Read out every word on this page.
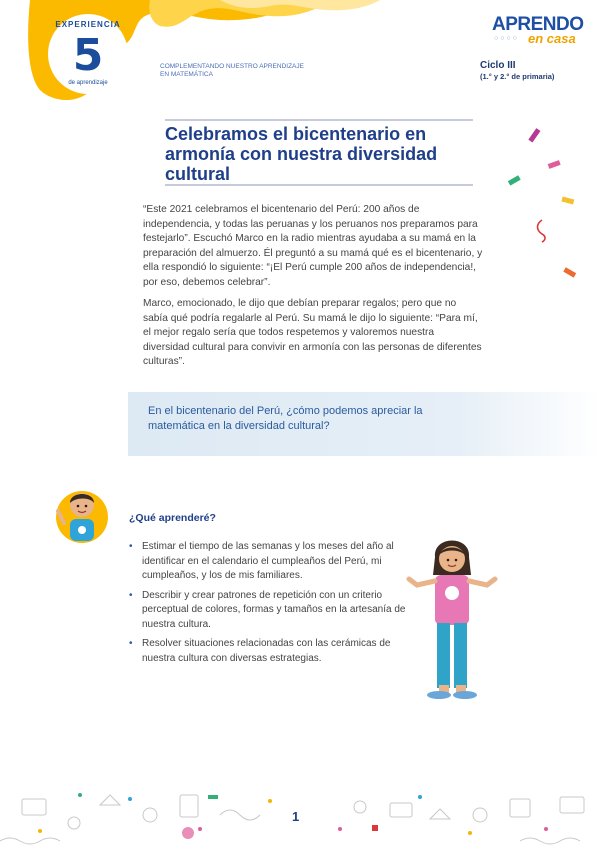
EXPERIENCIA
5
de aprendizaje
COMPLEMENTANDO NUESTRO APRENDIZAJE
EN MATEMÁTICA
APRENDO
○○○○ en casa
Ciclo III
(1.° y 2.° de primaria)
Celebramos el bicentenario en armonía con nuestra diversidad cultural
“Este 2021 celebramos el bicentenario del Perú: 200 años de independencia, y todas las peruanas y los peruanos nos preparamos para festejarlo”. Escuchó Marco en la radio mientras ayudaba a su mamá en la preparación del almuerzo. Él preguntó a su mamá qué es el bicentenario, y ella respondió lo siguiente: “¡El Perú cumple 200 años de independencia!, por eso, debemos celebrar”.
Marco, emocionado, le dijo que debían preparar regalos; pero que no sabía qué podría regalarle al Perú. Su mamá le dijo lo siguiente: “Para mí, el mejor regalo sería que todos respetemos y valoremos nuestra diversidad cultural para convivir en armonía con las personas de diferentes culturas”.
En el bicentenario del Perú, ¿cómo podemos apreciar la matemática en la diversidad cultural?
¿Qué aprenderé?
• Estimar el tiempo de las semanas y los meses del año al identificar en el calendario el cumpleaños del Perú, mi cumpleaños, y los de mis familiares.
• Describir y crear patrones de repetición con un criterio perceptual de colores, formas y tamaños en la artesanía de nuestra cultura.
• Resolver situaciones relacionadas con las cerámicas de nuestra cultura con diversas estrategias.
1
